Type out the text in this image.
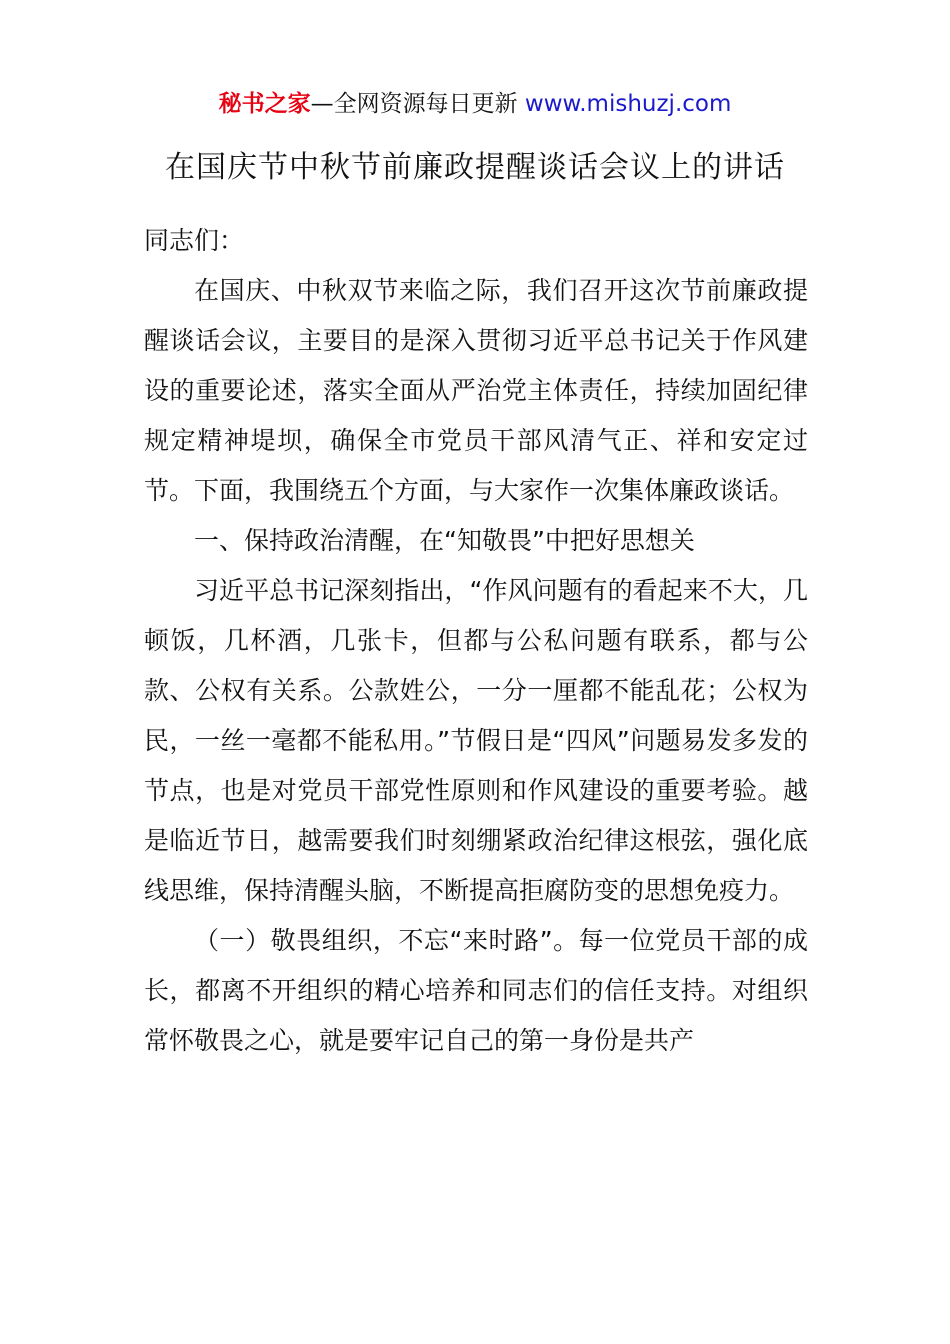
秘书之家—全网资源每日更新 www.mishuzj.com
在国庆节中秋节前廉政提醒谈话会议上的讲话

同志们：

在国庆、中秋双节来临之际，我们召开这次节前廉政提醒谈话会议，主要目的是深入贯彻习近平总书记关于作风建设的重要论述，落实全面从严治党主体责任，持续加固纪律规定精神堤坝，确保全市党员干部风清气正、祥和安定过节。下面，我围绕五个方面，与大家作一次集体廉政谈话。

一、保持政治清醒，在“知敬畏”中把好思想关

习近平总书记深刻指出，“作风问题有的看起来不大，几顿饭，几杯酒，几张卡，但都与公私问题有联系，都与公款、公权有关系。公款姓公，一分一厘都不能乱花；公权为民，一丝一毫都不能私用。”节假日是“四风”问题易发多发的节点，也是对党员干部党性原则和作风建设的重要考验。越是临近节日，越需要我们时刻绷紧政治纪律这根弦，强化底线思维，保持清醒头脑，不断提高拒腐防变的思想免疫力。

（一）敬畏组织，不忘“来时路”。每一位党员干部的成长，都离不开组织的精心培养和同志们的信任支持。对组织常怀敬畏之心，就是要牢记自己的第一身份是共产
